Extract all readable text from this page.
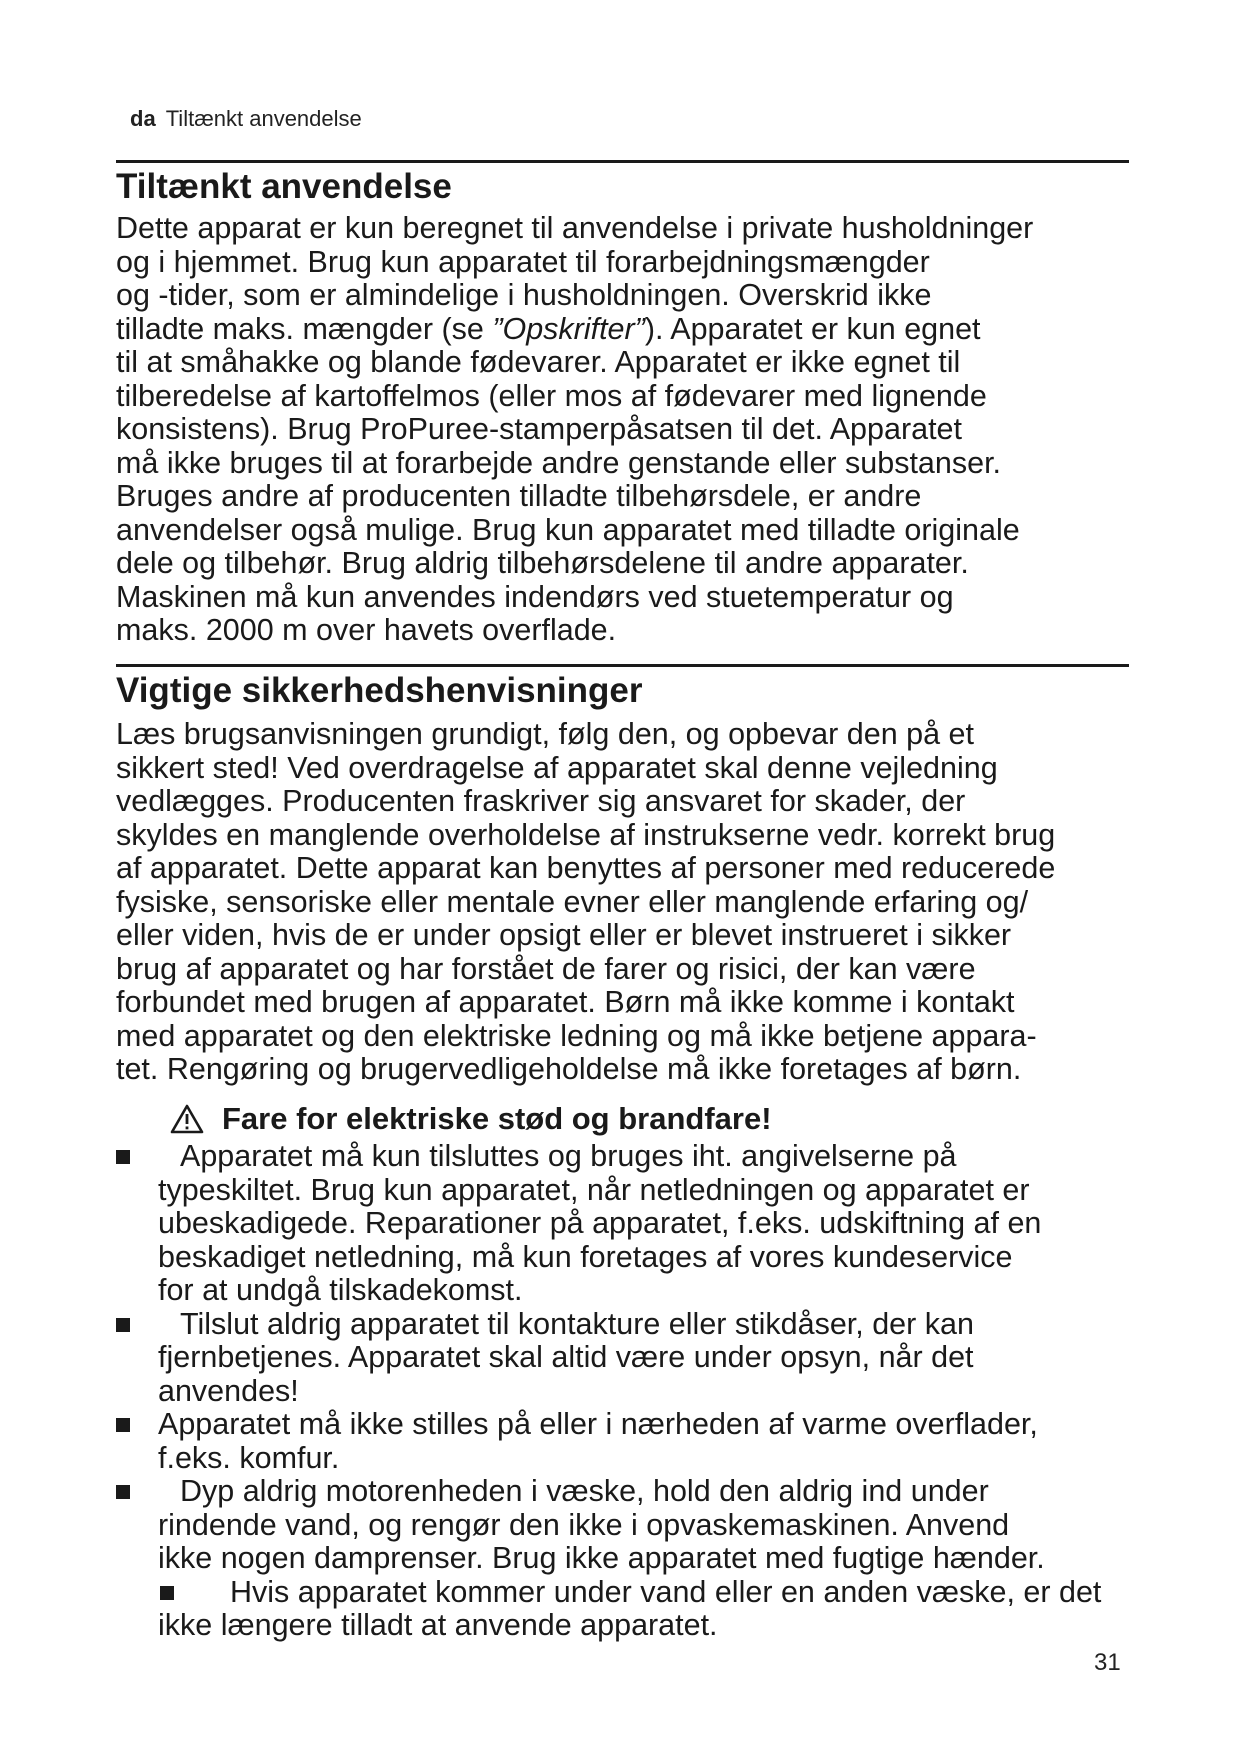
da Tiltænkt anvendelse
Tiltænkt anvendelse
Dette apparat er kun beregnet til anvendelse i private husholdninger
og i hjemmet. Brug kun apparatet til forarbejdningsmængder
og -tider, som er almindelige i husholdningen. Overskrid ikke
tilladte maks. mængder (se ”Opskrifter”). Apparatet er kun egnet
til at småhakke og blande fødevarer. Apparatet er ikke egnet til
tilberedelse af kartoffelmos (eller mos af fødevarer med lignende
konsistens). Brug ProPuree-stamperpåsatsen til det. Apparatet
må ikke bruges til at forarbejde andre genstande eller substanser.
Bruges andre af producenten tilladte tilbehørsdele, er andre
anvendelser også mulige. Brug kun apparatet med tilladte originale
dele og tilbehør. Brug aldrig tilbehørsdelene til andre apparater.
Maskinen må kun anvendes indendørs ved stuetemperatur og
maks. 2000 m over havets overflade.
Vigtige sikkerhedshenvisninger
Læs brugsanvisningen grundigt, følg den, og opbevar den på et
sikkert sted! Ved overdragelse af apparatet skal denne vejledning
vedlægges. Producenten fraskriver sig ansvaret for skader, der
skyldes en manglende overholdelse af instrukserne vedr. korrekt brug
af apparatet. Dette apparat kan benyttes af personer med reducerede
fysiske, sensoriske eller mentale evner eller manglende erfaring og/
eller viden, hvis de er under opsigt eller er blevet instrueret i sikker
brug af apparatet og har forstået de farer og risici, der kan være
forbundet med brugen af apparatet. Børn må ikke komme i kontakt
med apparatet og den elektriske ledning og må ikke betjene appara-
tet. Rengøring og brugervedligeholdelse må ikke foretages af børn.
Fare for elektriske stød og brandfare!
Apparatet må kun tilsluttes og bruges iht. angivelserne på
typeskiltet. Brug kun apparatet, når netledningen og apparatet er
ubeskadigede. Reparationer på apparatet, f.eks. udskiftning af en
beskadiget netledning, må kun foretages af vores kundeservice
for at undgå tilskadekomst.
Tilslut aldrig apparatet til kontakture eller stikdåser, der kan
fjernbetjenes. Apparatet skal altid være under opsyn, når det
anvendes!
Apparatet må ikke stilles på eller i nærheden af varme overflader,
f.eks. komfur.
Dyp aldrig motorenheden i væske, hold den aldrig ind under
rindende vand, og rengør den ikke i opvaskemaskinen. Anvend
ikke nogen damprenser. Brug ikke apparatet med fugtige hænder.
Hvis apparatet kommer under vand eller en anden væske, er det
ikke længere tilladt at anvende apparatet.
31
